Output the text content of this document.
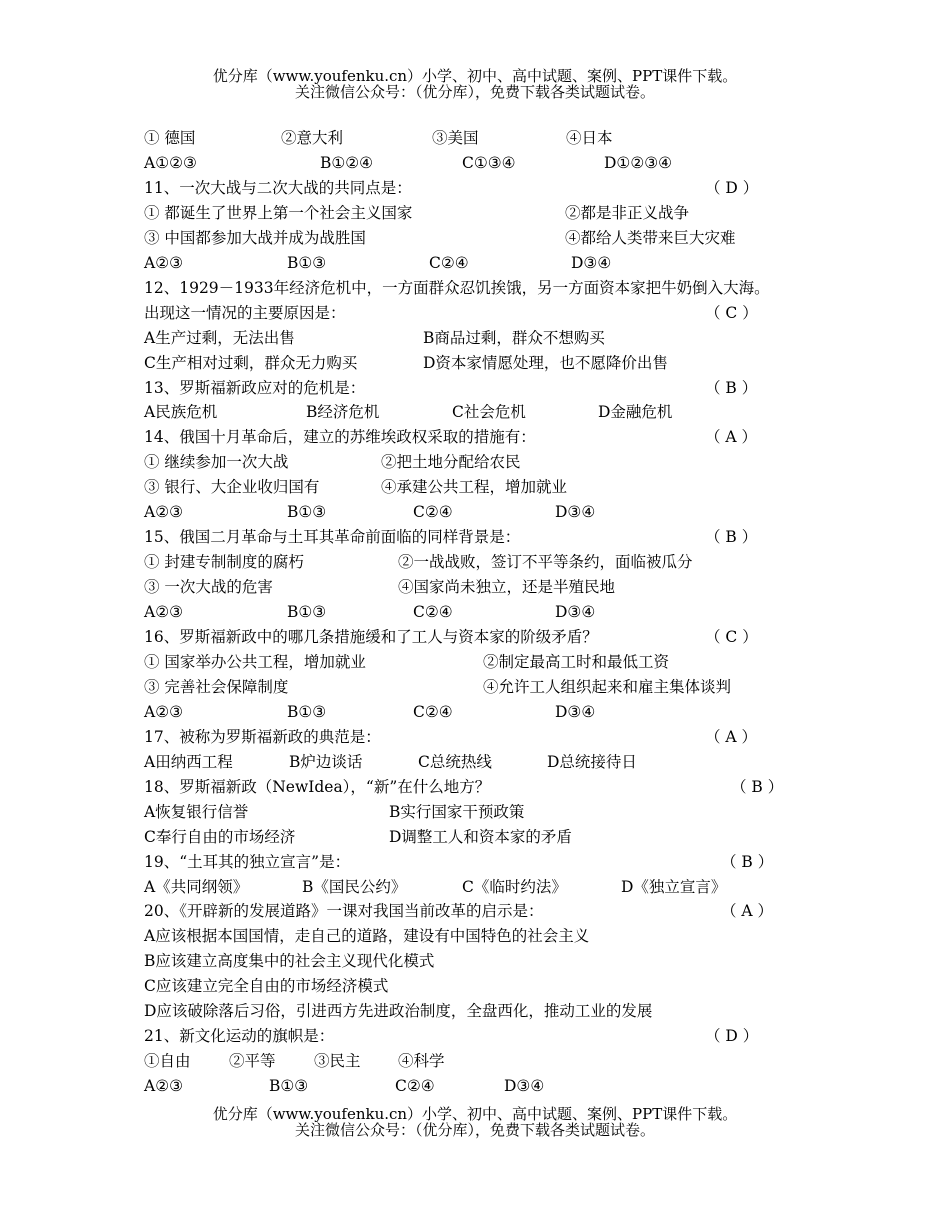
优分库（www.youfenku.cn）小学、初中、高中试题、案例、PPT课件下载。
关注微信公众号：（优分库），免费下载各类试题试卷。
① 德国	②意大利	③美国	④日本
A①②③	B①②④	C①③④	D①②③④
11、一次大战与二次大战的共同点是：	（ D ）
① 都诞生了世界上第一个社会主义国家	②都是非正义战争
③ 中国都参加大战并成为战胜国	④都给人类带来巨大灾难
A②③	B①③	C②④	D③④
12、1929－1933年经济危机中，一方面群众忍饥挨饿，另一方面资本家把牛奶倒入大海。
出现这一情况的主要原因是：	（ C ）
A生产过剩，无法出售	B商品过剩，群众不想购买
C生产相对过剩，群众无力购买	D资本家情愿处理，也不愿降价出售
13、罗斯福新政应对的危机是：	（ B ）
A民族危机	B经济危机	C社会危机	D金融危机
14、俄国十月革命后，建立的苏维埃政权采取的措施有：	（ A ）
① 继续参加一次大战	②把土地分配给农民
③ 银行、大企业收归国有	④承建公共工程，增加就业
A②③	B①③	C②④	D③④
15、俄国二月革命与土耳其革命前面临的同样背景是：	（ B ）
① 封建专制制度的腐朽	②一战战败，签订不平等条约，面临被瓜分
③ 一次大战的危害	④国家尚未独立，还是半殖民地
A②③	B①③	C②④	D③④
16、罗斯福新政中的哪几条措施缓和了工人与资本家的阶级矛盾？	（ C ）
① 国家举办公共工程，增加就业	②制定最高工时和最低工资
③ 完善社会保障制度	④允许工人组织起来和雇主集体谈判
A②③	B①③	C②④	D③④
17、被称为罗斯福新政的典范是：	（ A ）
A田纳西工程	B炉边谈话	C总统热线	D总统接待日
18、罗斯福新政（NewIdea），“新”在什么地方？	（ B ）
A恢复银行信誉	B实行国家干预政策
C奉行自由的市场经济	D调整工人和资本家的矛盾
19、“土耳其的独立宣言”是：	（ B ）
A《共同纲领》	B《国民公约》	C《临时约法》	D《独立宣言》
20、《开辟新的发展道路》一课对我国当前改革的启示是：	（ A ）
A应该根据本国国情，走自己的道路，建设有中国特色的社会主义
B应该建立高度集中的社会主义现代化模式
C应该建立完全自由的市场经济模式
D应该破除落后习俗，引进西方先进政治制度，全盘西化，推动工业的发展
21、新文化运动的旗帜是：	（ D ）
①自由 ②平等 ③民主 ④科学
A②③	B①③	C②④	D③④
优分库（www.youfenku.cn）小学、初中、高中试题、案例、PPT课件下载。
关注微信公众号：（优分库），免费下载各类试题试卷。
